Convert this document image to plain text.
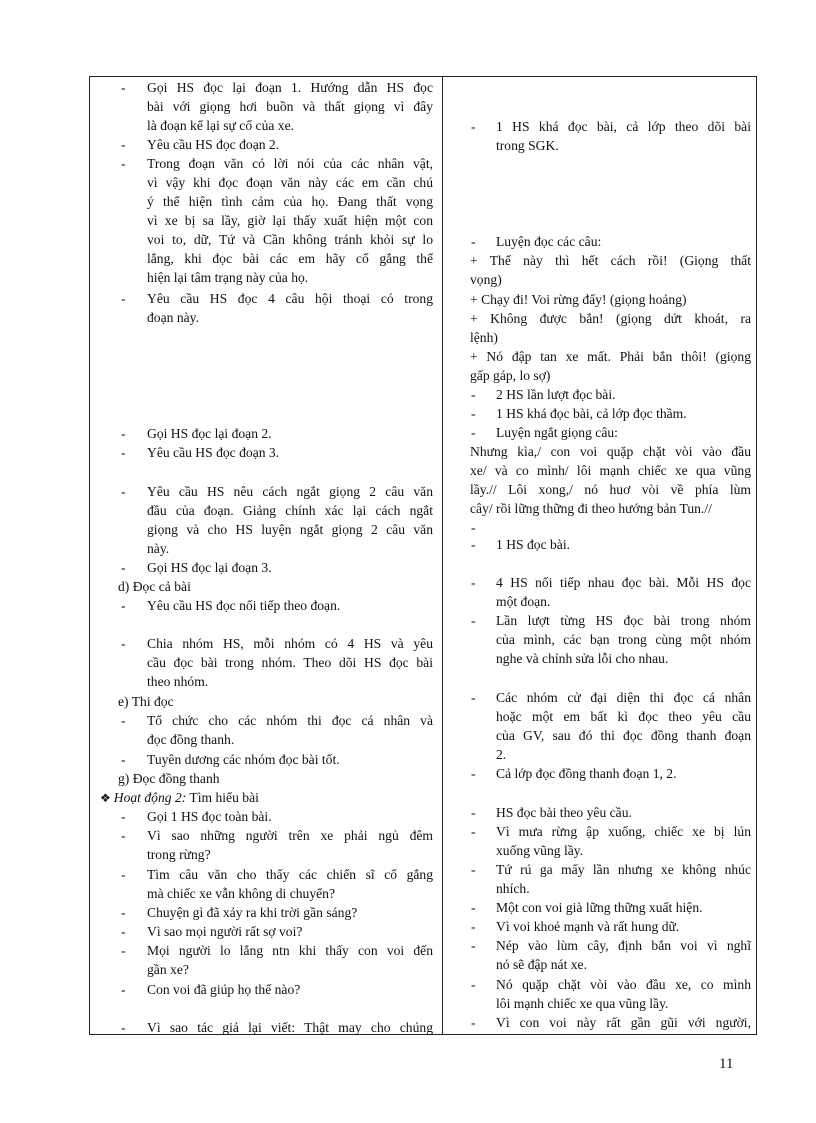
- Gọi HS đọc lại đoạn 1. Hướng dẫn HS đọc
bài với giọng hơi buồn và thất giọng vì đây
là đoạn kể lại sự cố của xe.
- Yêu cầu HS đọc đoạn 2.
- Trong đoạn văn có lời nói của các nhân vật,
vì vậy khi đọc đoạn văn này các em cần chú
ý thể hiện tình cảm của họ. Đang thất vọng
vì xe bị sa lầy, giờ lại thấy xuất hiện một con
voi to, dữ, Tứ và Cần không tránh khỏi sự lo
lắng, khi đọc bài các em hãy cố gắng thể
hiện lại tâm trạng này của họ.
- Yêu cầu HS đọc 4 câu hội thoại có trong
đoạn này.
- Gọi HS đọc lại đoạn 2.
- Yêu cầu HS đọc đoạn 3.
- Yêu cầu HS nêu cách ngắt giọng 2 câu văn
đầu của đoạn. Giảng chính xác lại cách ngắt
giọng và cho HS luyện ngắt giọng 2 câu văn
này.
- Gọi HS đọc lại đoạn 3.
d) Đọc cả bài
- Yêu cầu HS đọc nối tiếp theo đoạn.
- Chia nhóm HS, mỗi nhóm có 4 HS và yêu
cầu đọc bài trong nhóm. Theo dõi HS đọc bài
theo nhóm.
e) Thi đọc
- Tổ chức cho các nhóm thi đọc cá nhân và
đọc đồng thanh.
- Tuyên dương các nhóm đọc bài tốt.
g) Đọc đồng thanh
❖ Hoạt động 2: Tìm hiểu bài
- Gọi 1 HS đọc toàn bài.
- Vì sao những người trên xe phải ngủ đêm
trong rừng?
- Tìm câu văn cho thấy các chiến sĩ cố gắng
mà chiếc xe vẫn không di chuyển?
- Chuyện gì đã xảy ra khi trời gần sáng?
- Vì sao mọi người rất sợ voi?
- Mọi người lo lắng ntn khi thấy con voi đến
gần xe?
- Con voi đã giúp họ thế nào?
- Vì sao tác giả lại viết: Thật may cho chúng
- 1 HS khá đọc bài, cả lớp theo dõi bài
trong SGK.
- Luyện đọc các câu:
+ Thế này thì hết cách rồi! (Giọng thất
vọng)
+ Chạy đi! Voi rừng đấy! (giọng hoảng)
+ Không được bắn! (giọng dứt khoát, ra
lệnh)
+ Nó đập tan xe mất. Phải bắn thôi! (giọng
gấp gáp, lo sợ)
- 2 HS lần lượt đọc bài.
- 1 HS khá đọc bài, cả lớp đọc thầm.
- Luyện ngắt giọng câu:
Nhưng kìa,/ con voi quặp chặt vòi vào đầu
xe/ và co mình/ lôi mạnh chiếc xe qua vũng
lầy.// Lôi xong,/ nó huơ vòi về phía lùm
cây/ rồi lững thững đi theo hướng bản Tun.//
-
- 1 HS đọc bài.
- 4 HS nối tiếp nhau đọc bài. Mỗi HS đọc
một đoạn.
- Lần lượt từng HS đọc bài trong nhóm
của mình, các bạn trong cùng một nhóm
nghe và chỉnh sửa lỗi cho nhau.
- Các nhóm cử đại diện thi đọc cá nhân
hoặc một em bất kì đọc theo yêu cầu
của GV, sau đó thi đọc đồng thanh đoạn
2.
- Cả lớp đọc đồng thanh đoạn 1, 2.
- HS đọc bài theo yêu cầu.
- Vì mưa rừng ập xuống, chiếc xe bị lún
xuống vũng lầy.
- Tứ rú ga mấy lần nhưng xe không nhúc
nhích.
- Một con voi già lững thững xuất hiện.
- Vì voi khoẻ mạnh và rất hung dữ.
- Nép vào lùm cây, định bắn voi vì nghĩ
nó sẽ đập nát xe.
- Nó quặp chặt vòi vào đầu xe, co mình
lôi mạnh chiếc xe qua vũng lầy.
- Vì con voi này rất gần gũi với người,
11
